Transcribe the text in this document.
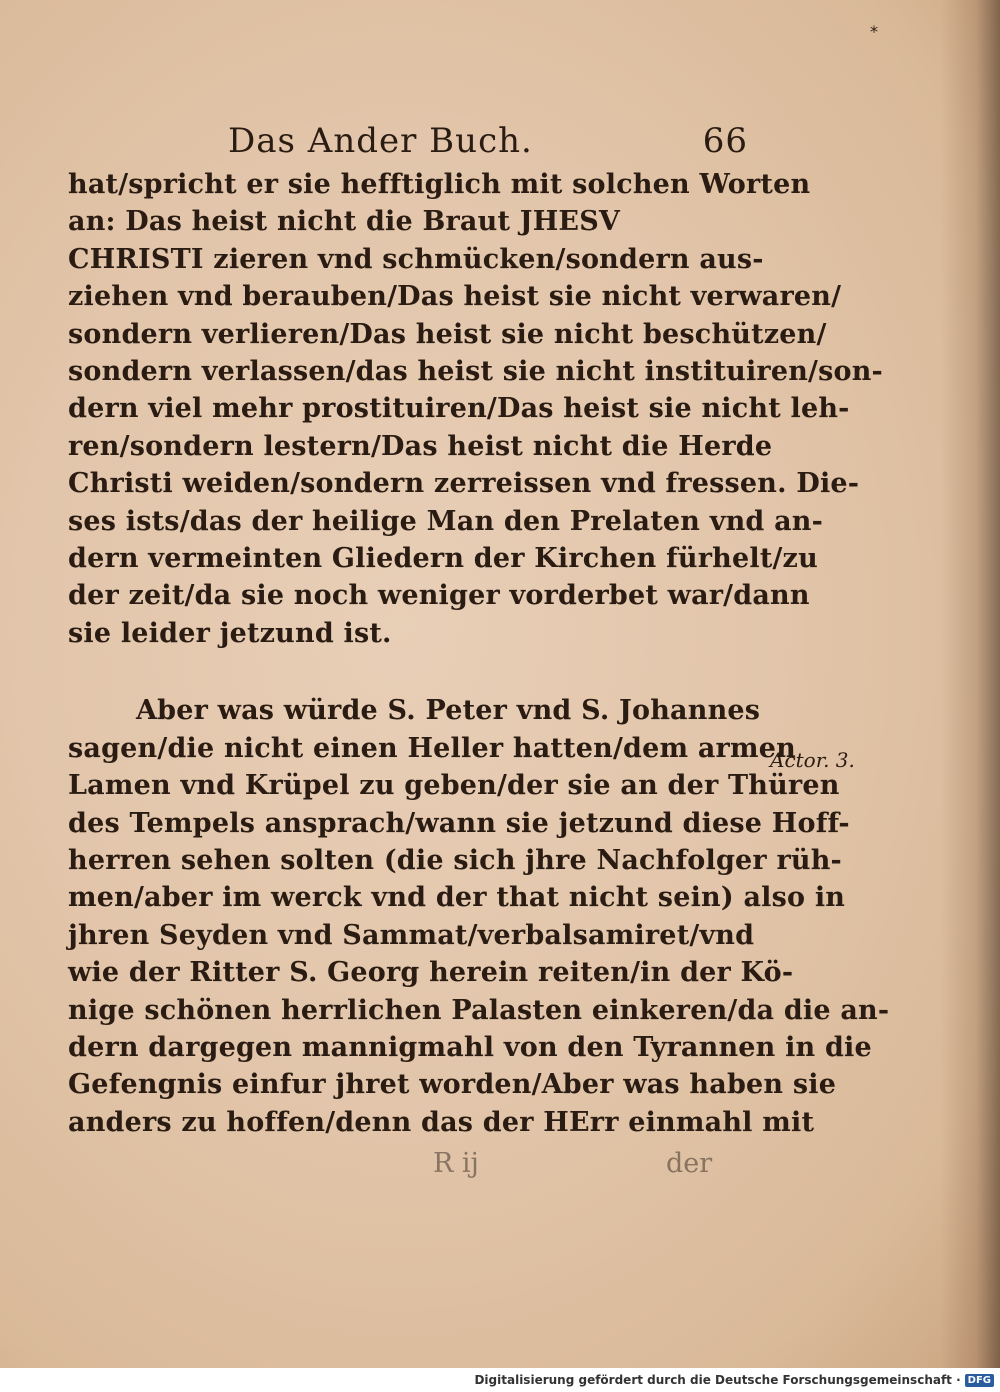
*
Das Ander Buch.	66
hat/spricht er sie hefftiglich mit solchen Worten
an: Das heist nicht die Braut JHESV
CHRISTI zieren vnd schmücken/sondern aus-
ziehen vnd berauben/Das heist sie nicht verwaren/
sondern verlieren/Das heist sie nicht beschützen/
sondern verlassen/das heist sie nicht instituiren/son-
dern viel mehr prostituiren/Das heist sie nicht leh-
ren/sondern lestern/Das heist nicht die Herde
Christi weiden/sondern zerreissen vnd fressen. Die-
ses ists/das der heilige Man den Prelaten vnd an-
dern vermeinten Gliedern der Kirchen fürhelt/zu
der zeit/da sie noch weniger vorderbet war/dann
sie leider jetzund ist.
Aber was würde S. Peter vnd S. Johannes
sagen/die nicht einen Heller hatten/dem armen
Lamen vnd Krüpel zu geben/der sie an der Thüren
des Tempels ansprach/wann sie jetzund diese Hoff-
herren sehen solten (die sich jhre Nachfolger rüh-
men/aber im werck vnd der that nicht sein) also in
jhren Seyden vnd Sammat/verbalsamiret/vnd
wie der Ritter S. Georg herein reiten/in der Kö-
nige schönen herrlichen Palasten einkeren/da die an-
dern dargegen mannigmahl von den Tyrannen in die
Gefengnis einfur jhret worden/Aber was haben sie
anders zu hoffen/denn das der HErr einmahl mit
Actor. 3.
R ij	der
Digitalisierung gefördert durch die Deutsche Forschungsgemeinschaft · DFG
